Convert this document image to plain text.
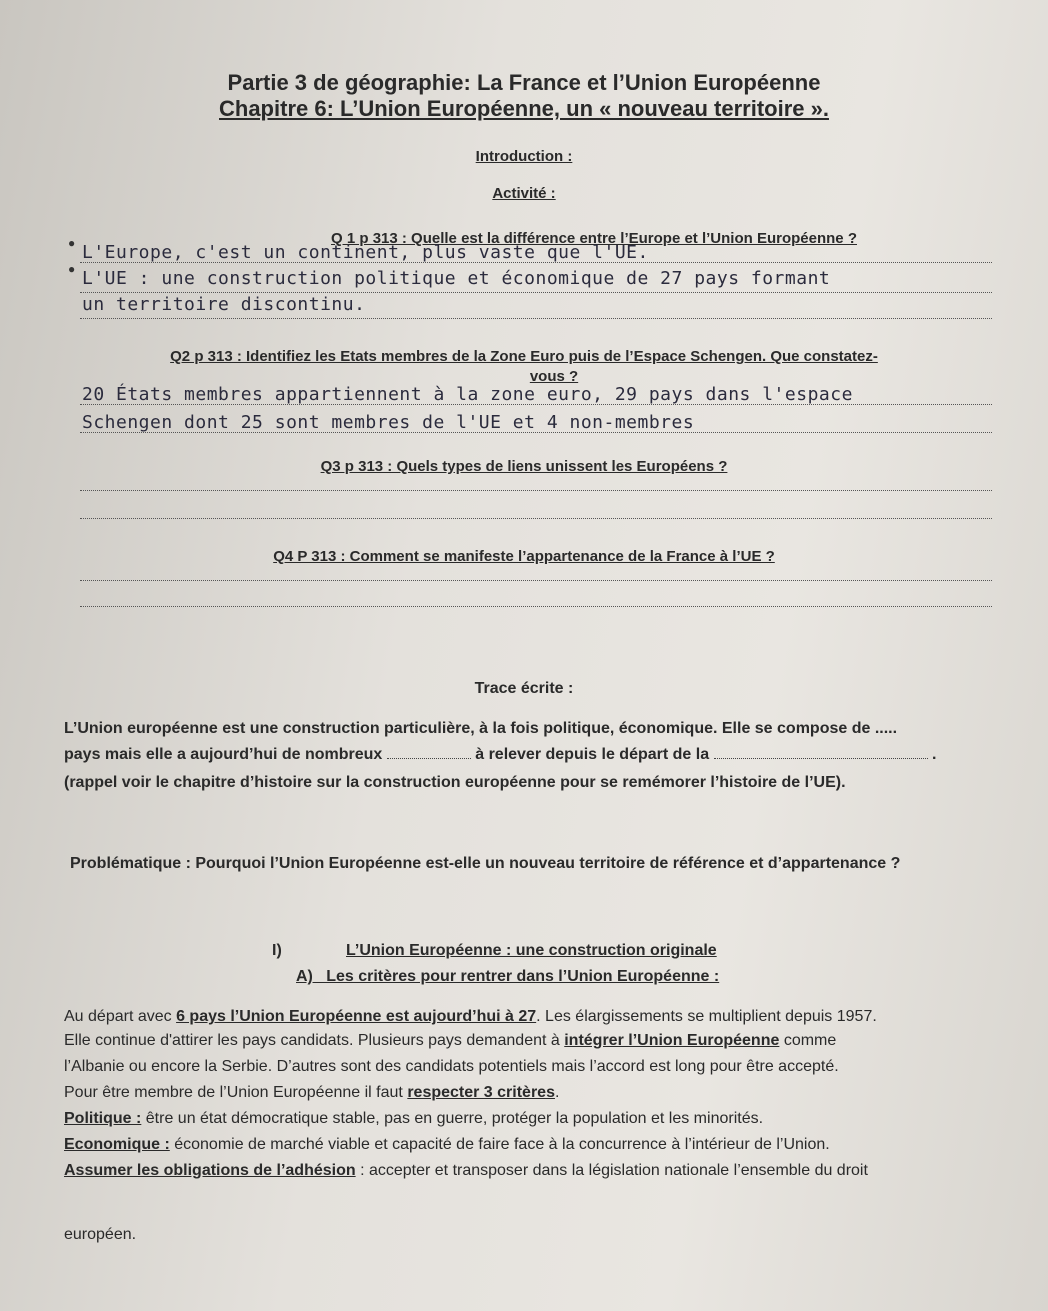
Partie 3 de géographie: La France et l’Union Européenne
Chapitre 6: L’Union Européenne, un « nouveau territoire ».
Introduction :
Activité :
Q 1 p 313 : Quelle est la différence entre l’Europe et l’Union Européenne ?
●
●
L'Europe, c'est un continent, plus vaste que l'UE.
L'UE : une construction politique et économique de 27 pays formant
un territoire discontinu.
Q2 p 313 : Identifiez les Etats membres de la Zone Euro puis de l’Espace Schengen. Que constatez-
vous ?
20 États membres appartiennent à la zone euro, 29 pays dans l'espace
Schengen dont 25 sont membres de l'UE et 4 non-membres
Q3 p 313 : Quels types de liens unissent les Européens ?
Q4 P 313 : Comment se manifeste l’appartenance de la France à l’UE ?
Trace écrite :
L’Union européenne est une construction particulière, à la fois politique, économique. Elle se compose de .....
pays mais elle a aujourd’hui de nombreux	à relever depuis le départ de la	.
(rappel voir le chapitre d’histoire sur la construction européenne pour se remémorer l’histoire de l’UE).
Problématique : Pourquoi l’Union Européenne est-elle un nouveau territoire de référence et d’appartenance ?
I)	L’Union Européenne : une construction originale
A)   Les critères pour rentrer dans l’Union Européenne :
Au départ avec 6 pays l’Union Européenne est aujourd’hui à 27. Les élargissements se multiplient depuis 1957.
Elle continue d'attirer les pays candidats. Plusieurs pays demandent à intégrer l’Union Européenne comme
l’Albanie ou encore la Serbie. D’autres sont des candidats potentiels mais l’accord est long pour être accepté.
Pour être membre de l’Union Européenne il faut respecter 3 critères.
Politique : être un état démocratique stable, pas en guerre, protéger la population et les minorités.
Economique : économie de marché viable et capacité de faire face à la concurrence à l’intérieur de l’Union.
Assumer les obligations de l’adhésion : accepter et transposer dans la législation nationale l’ensemble du droit
européen.
